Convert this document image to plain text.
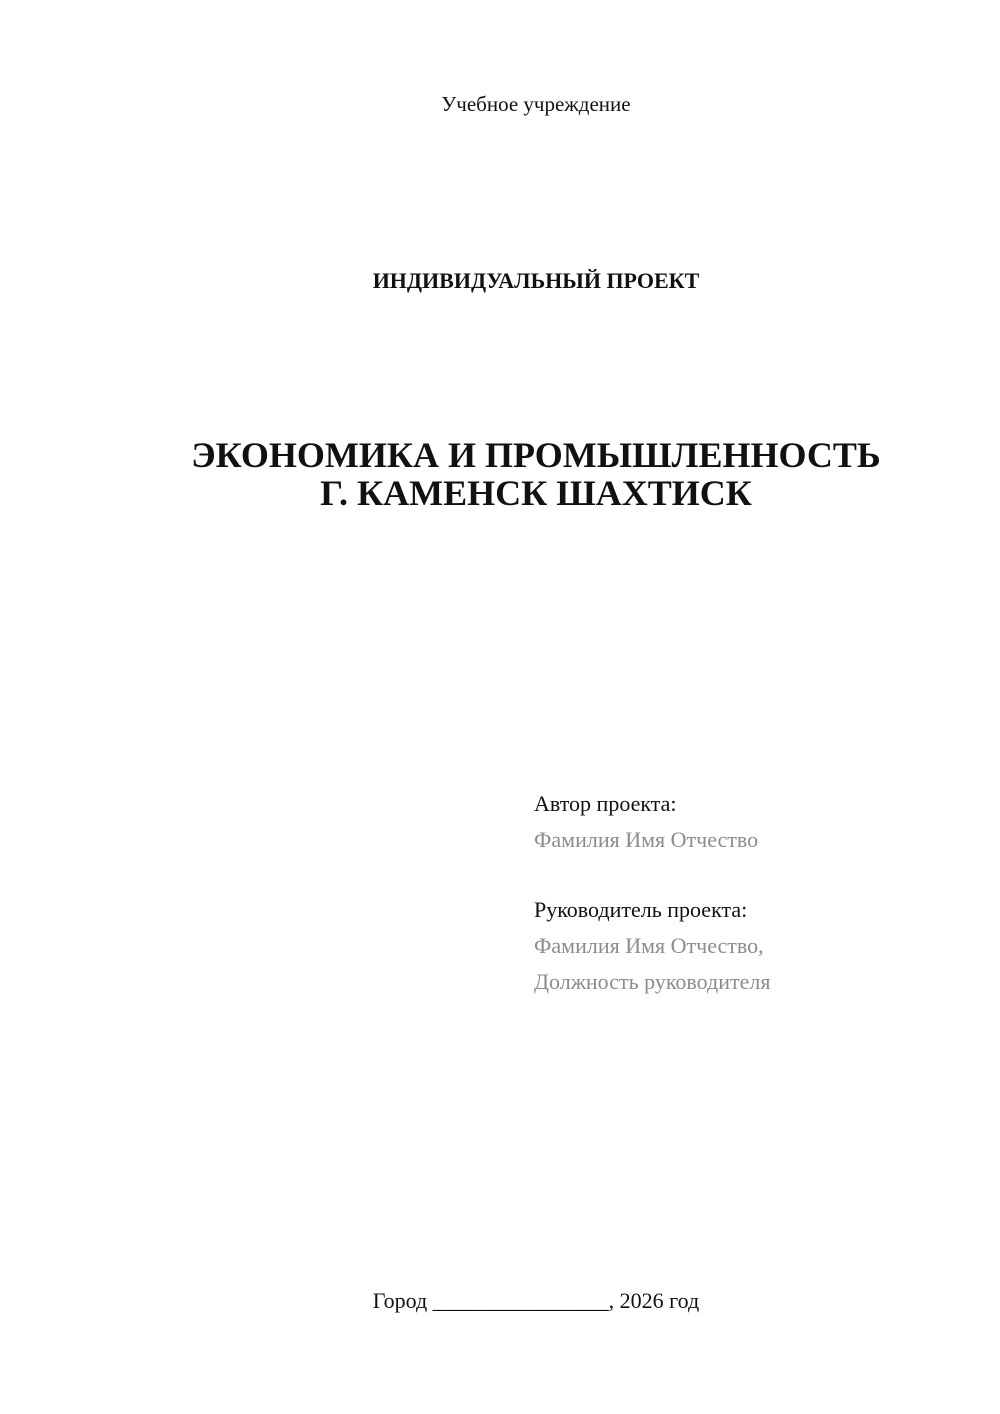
Учебное учреждение
ИНДИВИДУАЛЬНЫЙ ПРОЕКТ
ЭКОНОМИКА И ПРОМЫШЛЕННОСТЬ
Г. КАМЕНСК ШАХТИСК
Автор проекта:
Фамилия Имя Отчество
Руководитель проекта:
Фамилия Имя Отчество,
Должность руководителя
Город ________________, 2026 год
